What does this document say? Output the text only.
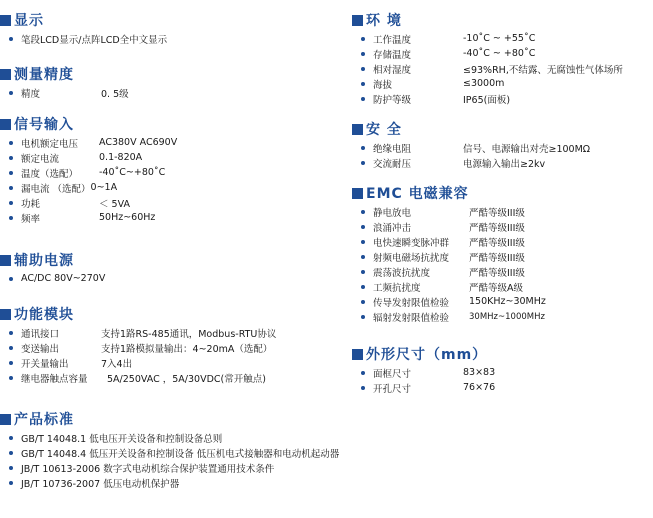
显示
笔段LCD显示/点阵LCD全中文显示
测量精度
精度	0. 5级
信号输入
电机额定电压	AC380V AC690V
额定电流	0.1-820A
温度（选配）	-40˚C~+80˚C
漏电流 （选配） 0~1A
功耗	＜ 5VA
频率	50Hz~60Hz
辅助电源
AC/DC 80V~270V
功能模块
通讯接口	支持1路RS-485通讯，Modbus-RTU协议
变送输出	支持1路模拟量输出：4~20mA（选配）
开关量输出	7入4出
继电器触点容量	5A/250VAC ，5A/30VDC(常开触点)
产品标准
GB/T 14048.1 低电压开关设备和控制设备总则
GB/T 14048.4 低压开关设备和控制设备 低压机电式接触器和电动机起动器
JB/T 10613-2006 数字式电动机综合保护装置通用技术条件
JB/T 10736-2007 低压电动机保护器
环 境
工作温度	-10˚C ~ +55˚C
存储温度	-40˚C ~ +80˚C
相对湿度	≤93%RH,不结露、无腐蚀性气体场所
海拔	≤3000m
防护等级	IP65(面板)
安 全
绝缘电阻	信号、电源输出对壳≥100MΩ
交流耐压	电源输入输出≥2kv
EMC 电磁兼容
静电放电	严酷等级III级
浪涌冲击	严酷等级III级
电快速瞬变脉冲群	严酷等级III级
射频电磁场抗扰度	严酷等级III级
震荡波抗扰度	严酷等级III级
工频抗扰度	严酷等级A级
传导发射限值检验	150KHz~30MHz
辐射发射限值检验	30MHz~1000MHz
外形尺寸（mm）
面框尺寸	83×83
开孔尺寸	76×76
